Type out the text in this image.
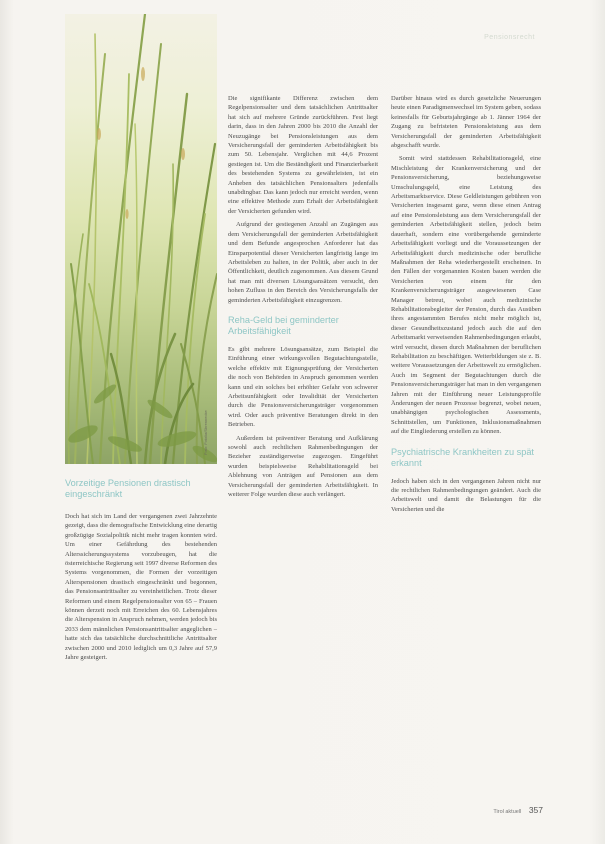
Pensionsrecht
Foto: Fotolia/Sbrennecke
Vorzeitige Pensionen drastisch eingeschränkt

Doch hat sich im Land der vergangenen zwei Jahrzehnte gezeigt, dass die demografische Entwicklung eine derartig großzügige Sozialpolitik nicht mehr tragen konnten wird. Um einer Gefährdung des bestehenden Alterssicherungssystems vorzubeugen, hat die österreichische Regierung seit 1997 diverse Reformen des Systems vorgenommen, die Formen der vorzeitigen Alterspensionen drastisch eingeschränkt und begonnen, das Pensionsantrittsalter zu vereinheitlichen. Trotz dieser Reformen und einem Regelpensionsalter von 65 – Frauen können derzeit noch mit Erreichen des 60. Lebensjahres die Alterspension in Anspruch nehmen, werden jedoch bis 2033 dem männlichen Pensionsantrittsalter angeglichen – hatte sich das tatsächliche durchschnittliche Antrittsalter zwischen 2000 und 2010 lediglich um 0,3 Jahre auf 57,9 Jahre gesteigert.

Die signifikante Differenz zwischen dem Regelpensionsalter und dem tatsächlichen Antrittsalter hat sich auf mehrere Gründe zurückführen. Fest liegt darin, dass in den Jahren 2000 bis 2010 die Anzahl der Neuzugänge bei Pensionsleistungen aus dem Versicherungsfall der geminderten Arbeitsfähigkeit bis zum 50. Lebensjahr. Verglichen mit 44,6 Prozent gestiegen ist. Um die Beständigkeit und Finanzierbarkeit des bestehenden Systems zu gewährleisten, ist ein Anheben des tatsächlichen Pensionsalters jedenfalls unabdingbar. Das kann jedoch nur erreicht werden, wenn eine effektive Methode zum Erhalt der Arbeitsfähigkeit der Versicherten gefunden wird.

Aufgrund der gestiegenen Anzahl an Zugängen aus dem Versicherungsfall der geminderten Arbeitsfähigkeit und dem Befunde angesprochen Anforderer hat das Einsparpotential dieser Versicherten langfristig lange im Arbeitsleben zu halten, in der Politik, aber auch in der Öffentlichkeit, deutlich zugenommen. Aus diesem Grund hat man mit diversen Lösungsansätzen versucht, den hohen Zufluss in den Bereich des Versicherungsfalls der geminderten Arbeitsfähigkeit einzugrenzen.

Reha-Geld bei geminderter Arbeitsfähigkeit

Es gibt mehrere Lösungsansätze, zum Beispiel die Einführung einer wirkungsvollen Begutachtungsstelle, welche effektiv mit Eignungsprüfung der Versicherten die noch von Behörden in Anspruch genommen werden kann und ein solches bei erhöhter Gefahr von schwerer Arbeitsunfähigkeit oder Invalidität der Versicherten durch die Pensionsversicherungsträger vorgenommen wird. Oder auch präventive Beratungen direkt in den Betrieben.

Außerdem ist präventiver Beratung und Aufklärung sowohl auch rechtlichen Rahmenbedingungen der Bezieher zuständigerweise zugezogen. Eingeführt wurden beispielsweise Rehabilitationsgeld bei Ablehnung von Anträgen auf Pensionen aus dem Versicherungsfall der geminderten Arbeitsfähigkeit. In weiterer Folge wurden diese auch verlängert.

Darüber hinaus wird es durch gesetzliche Neuerungen heute einen Paradigmenwechsel im System geben, sodass keinesfalls für Geburtsjahrgänge ab 1. Jänner 1964 der Zugang zu befristeten Pensionsleistung aus dem Versicherungsfall der geminderten Arbeitsfähigkeit abgeschafft wurde.

Somit wird stattdessen Rehabilitationsgeld, eine Mischleistung der Krankenversicherung und der Pensionsversicherung, beziehungsweise Umschulungsgeld, eine Leistung des Arbeitsmarktservice. Diese Geldleistungen gebühren von Versicherten insgesamt ganz, wenn diese einen Antrag auf eine Pensionsleistung aus dem Versicherungsfall der geminderten Arbeitsfähigkeit stellen, jedoch beim dauerhaft, sondern eine vorübergehende geminderte Arbeitsfähigkeit vorliegt und die Voraussetzungen der Arbeitsfähigkeit durch medizinische oder berufliche Maßnahmen der Reha wiederhergestellt erscheinen. In den Fällen der vorgenannten Kosten bauen werden die Versicherten von einem für den Krankenversicherungsträger ausgewiesenen Case Manager betreut, wobei auch medizinische Rehabilitationsbegleiter der Pension, durch das Ausüben ihres angestammten Berufes nicht mehr möglich ist, dieser Gesundheitszustand jedoch auch die auf den Arbeitsmarkt verweisenden Rahmenbedingungen erlaubt, wird versucht, diesen durch Maßnahmen der beruflichen Rehabilitation zu beschäftigen. Weiterbildungen sie z. B. weitere Voraussetzungen der Arbeitswelt zu ermöglichen. Auch im Segment der Begutachtungen durch die Pensionsversicherungsträger hat man in den vergangenen Jahren mit der Einführung neuer Leistungsprofile Änderungen der neuen Prozesse begrenzt, wobei neuen, unabhängigen psychologischen Assessments, Schnittstellen, um Funktionen, Inklusionsmaßnahmen auf die Eingliederung erstellen zu können.

Psychiatrische Krankheiten zu spät erkannt

Jedoch haben sich in den vergangenen Jahren nicht nur die rechtlichen Rahmenbedingungen geändert. Auch die Arbeitswelt und damit die Belastungen für die Versicherten und die

Tirol aktuell 357
